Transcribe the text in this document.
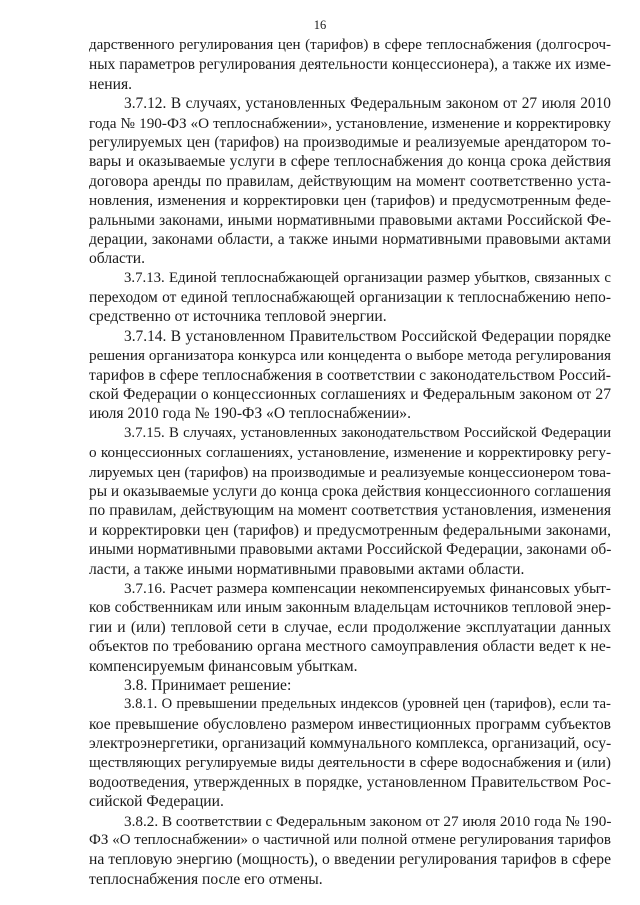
16
дарственного регулирования цен (тарифов) в сфере теплоснабжения (долгосроч-
ных параметров регулирования деятельности концессионера), а также их изме-
нения.
3.7.12. В случаях, установленных Федеральным законом от 27 июля 2010
года № 190-ФЗ «О теплоснабжении», установление, изменение и корректировку
регулируемых цен (тарифов) на производимые и реализуемые арендатором то-
вары и оказываемые услуги в сфере теплоснабжения до конца срока действия
договора аренды по правилам, действующим на момент соответственно уста-
новления, изменения и корректировки цен (тарифов) и предусмотренным феде-
ральными законами, иными нормативными правовыми актами Российской Фе-
дерации, законами области, а также иными нормативными правовыми актами
области.
3.7.13. Единой теплоснабжающей организации размер убытков, связанных с
переходом от единой теплоснабжающей организации к теплоснабжению непо-
средственно от источника тепловой энергии.
3.7.14. В установленном Правительством Российской Федерации порядке
решения организатора конкурса или концедента о выборе метода регулирования
тарифов в сфере теплоснабжения в соответствии с законодательством Россий-
ской Федерации о концессионных соглашениях и Федеральным законом от 27
июля 2010 года № 190-ФЗ «О теплоснабжении».
3.7.15. В случаях, установленных законодательством Российской Федерации
о концессионных соглашениях, установление, изменение и корректировку регу-
лируемых цен (тарифов) на производимые и реализуемые концессионером това-
ры и оказываемые услуги до конца срока действия концессионного соглашения
по правилам, действующим на момент соответствия установления, изменения
и корректировки цен (тарифов) и предусмотренным федеральными законами,
иными нормативными правовыми актами Российской Федерации, законами об-
ласти, а также иными нормативными правовыми актами области.
3.7.16. Расчет размера компенсации некомпенсируемых финансовых убыт-
ков собственникам или иным законным владельцам источников тепловой энер-
гии и (или) тепловой сети в случае, если продолжение эксплуатации данных
объектов по требованию органа местного самоуправления области ведет к не-
компенсируемым финансовым убыткам.
3.8. Принимает решение:
3.8.1. О превышении предельных индексов (уровней цен (тарифов), если та-
кое превышение обусловлено размером инвестиционных программ субъектов
электроэнергетики, организаций коммунального комплекса, организаций, осу-
ществляющих регулируемые виды деятельности в сфере водоснабжения и (или)
водоотведения, утвержденных в порядке, установленном Правительством Рос-
сийской Федерации.
3.8.2. В соответствии с Федеральным законом от 27 июля 2010 года № 190-
ФЗ «О теплоснабжении» о частичной или полной отмене регулирования тарифов
на тепловую энергию (мощность), о введении регулирования тарифов в сфере
теплоснабжения после его отмены.
